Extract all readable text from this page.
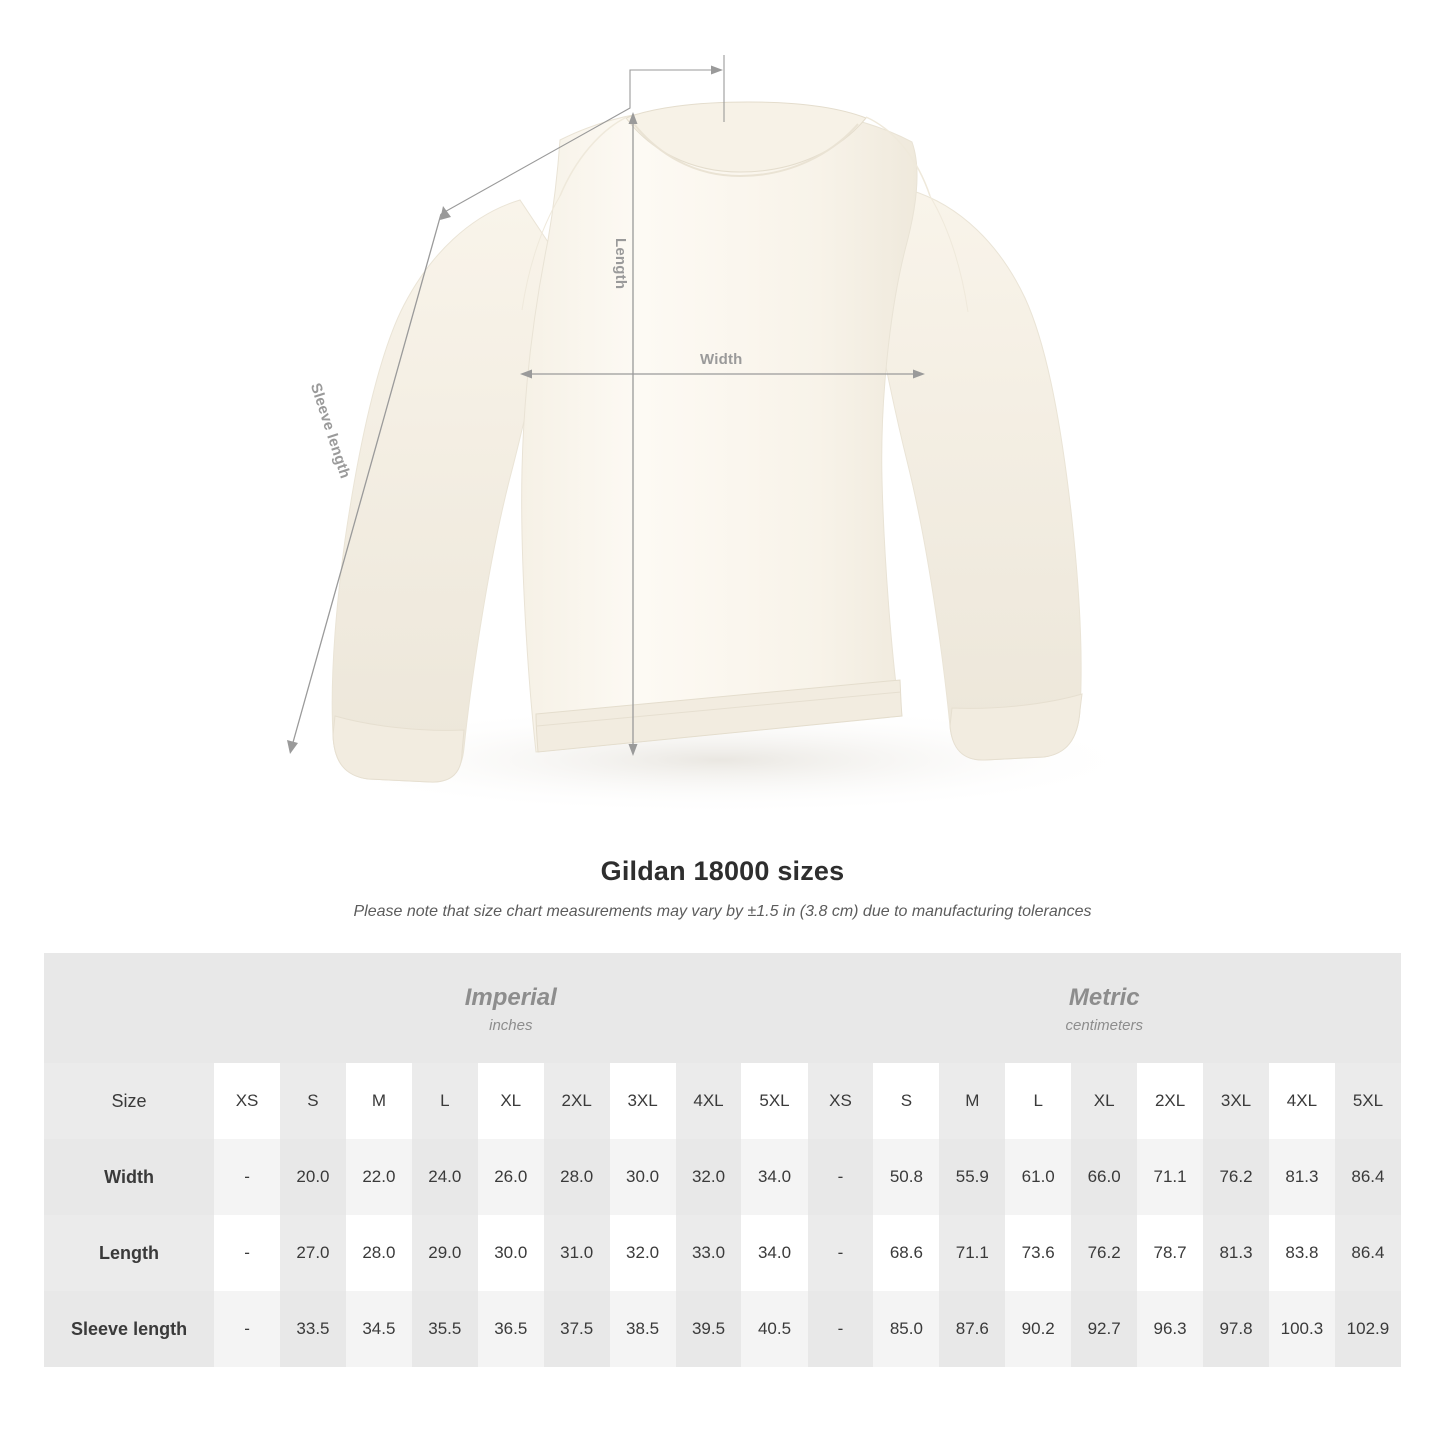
Width
Length
Sleeve length
Gildan 18000 sizes

Please note that size chart measurements may vary by ±1.5 in (3.8 cm) due to manufacturing tolerances

Imperial
inches

Metric
centimeters

Size	XS	S	M	L	XL	2XL	3XL	4XL	5XL	XS	S	M	L	XL	2XL	3XL	4XL	5XL
Width	-	20.0	22.0	24.0	26.0	28.0	30.0	32.0	34.0	-	50.8	55.9	61.0	66.0	71.1	76.2	81.3	86.4
Length	-	27.0	28.0	29.0	30.0	31.0	32.0	33.0	34.0	-	68.6	71.1	73.6	76.2	78.7	81.3	83.8	86.4
Sleeve length	-	33.5	34.5	35.5	36.5	37.5	38.5	39.5	40.5	-	85.0	87.6	90.2	92.7	96.3	97.8	100.3	102.9
